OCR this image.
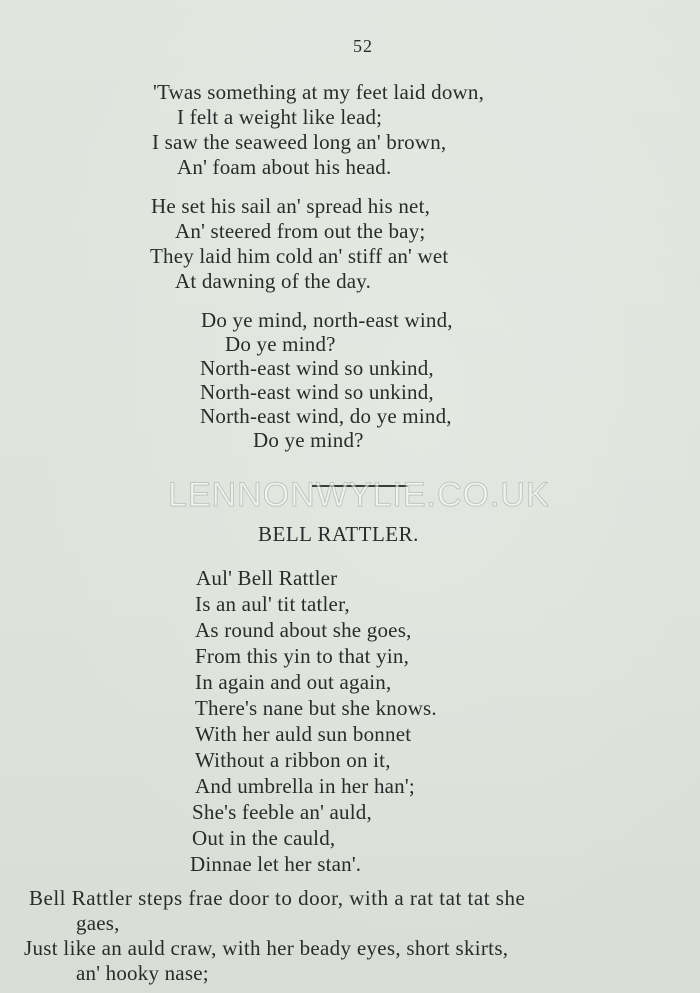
52
'Twas something at my feet laid down,
I felt a weight like lead;
I saw the seaweed long an' brown,
An' foam about his head.
He set his sail an' spread his net,
An' steered from out the bay;
They laid him cold an' stiff an' wet
At dawning of the day.
Do ye mind, north-east wind,
Do ye mind?
North-east wind so unkind,
North-east wind so unkind,
North-east wind, do ye mind,
Do ye mind?
LENNONWYLIE.CO.UK
BELL RATTLER.
Aul' Bell Rattler
Is an aul' tit tatler,
As round about she goes,
From this yin to that yin,
In again and out again,
There's nane but she knows.
With her auld sun bonnet
Without a ribbon on it,
And umbrella in her han';
She's feeble an' auld,
Out in the cauld,
Dinnae let her stan'.
Bell Rattler steps frae door to door, with a rat tat tat she
gaes,
Just like an auld craw, with her beady eyes, short skirts,
an' hooky nase;
